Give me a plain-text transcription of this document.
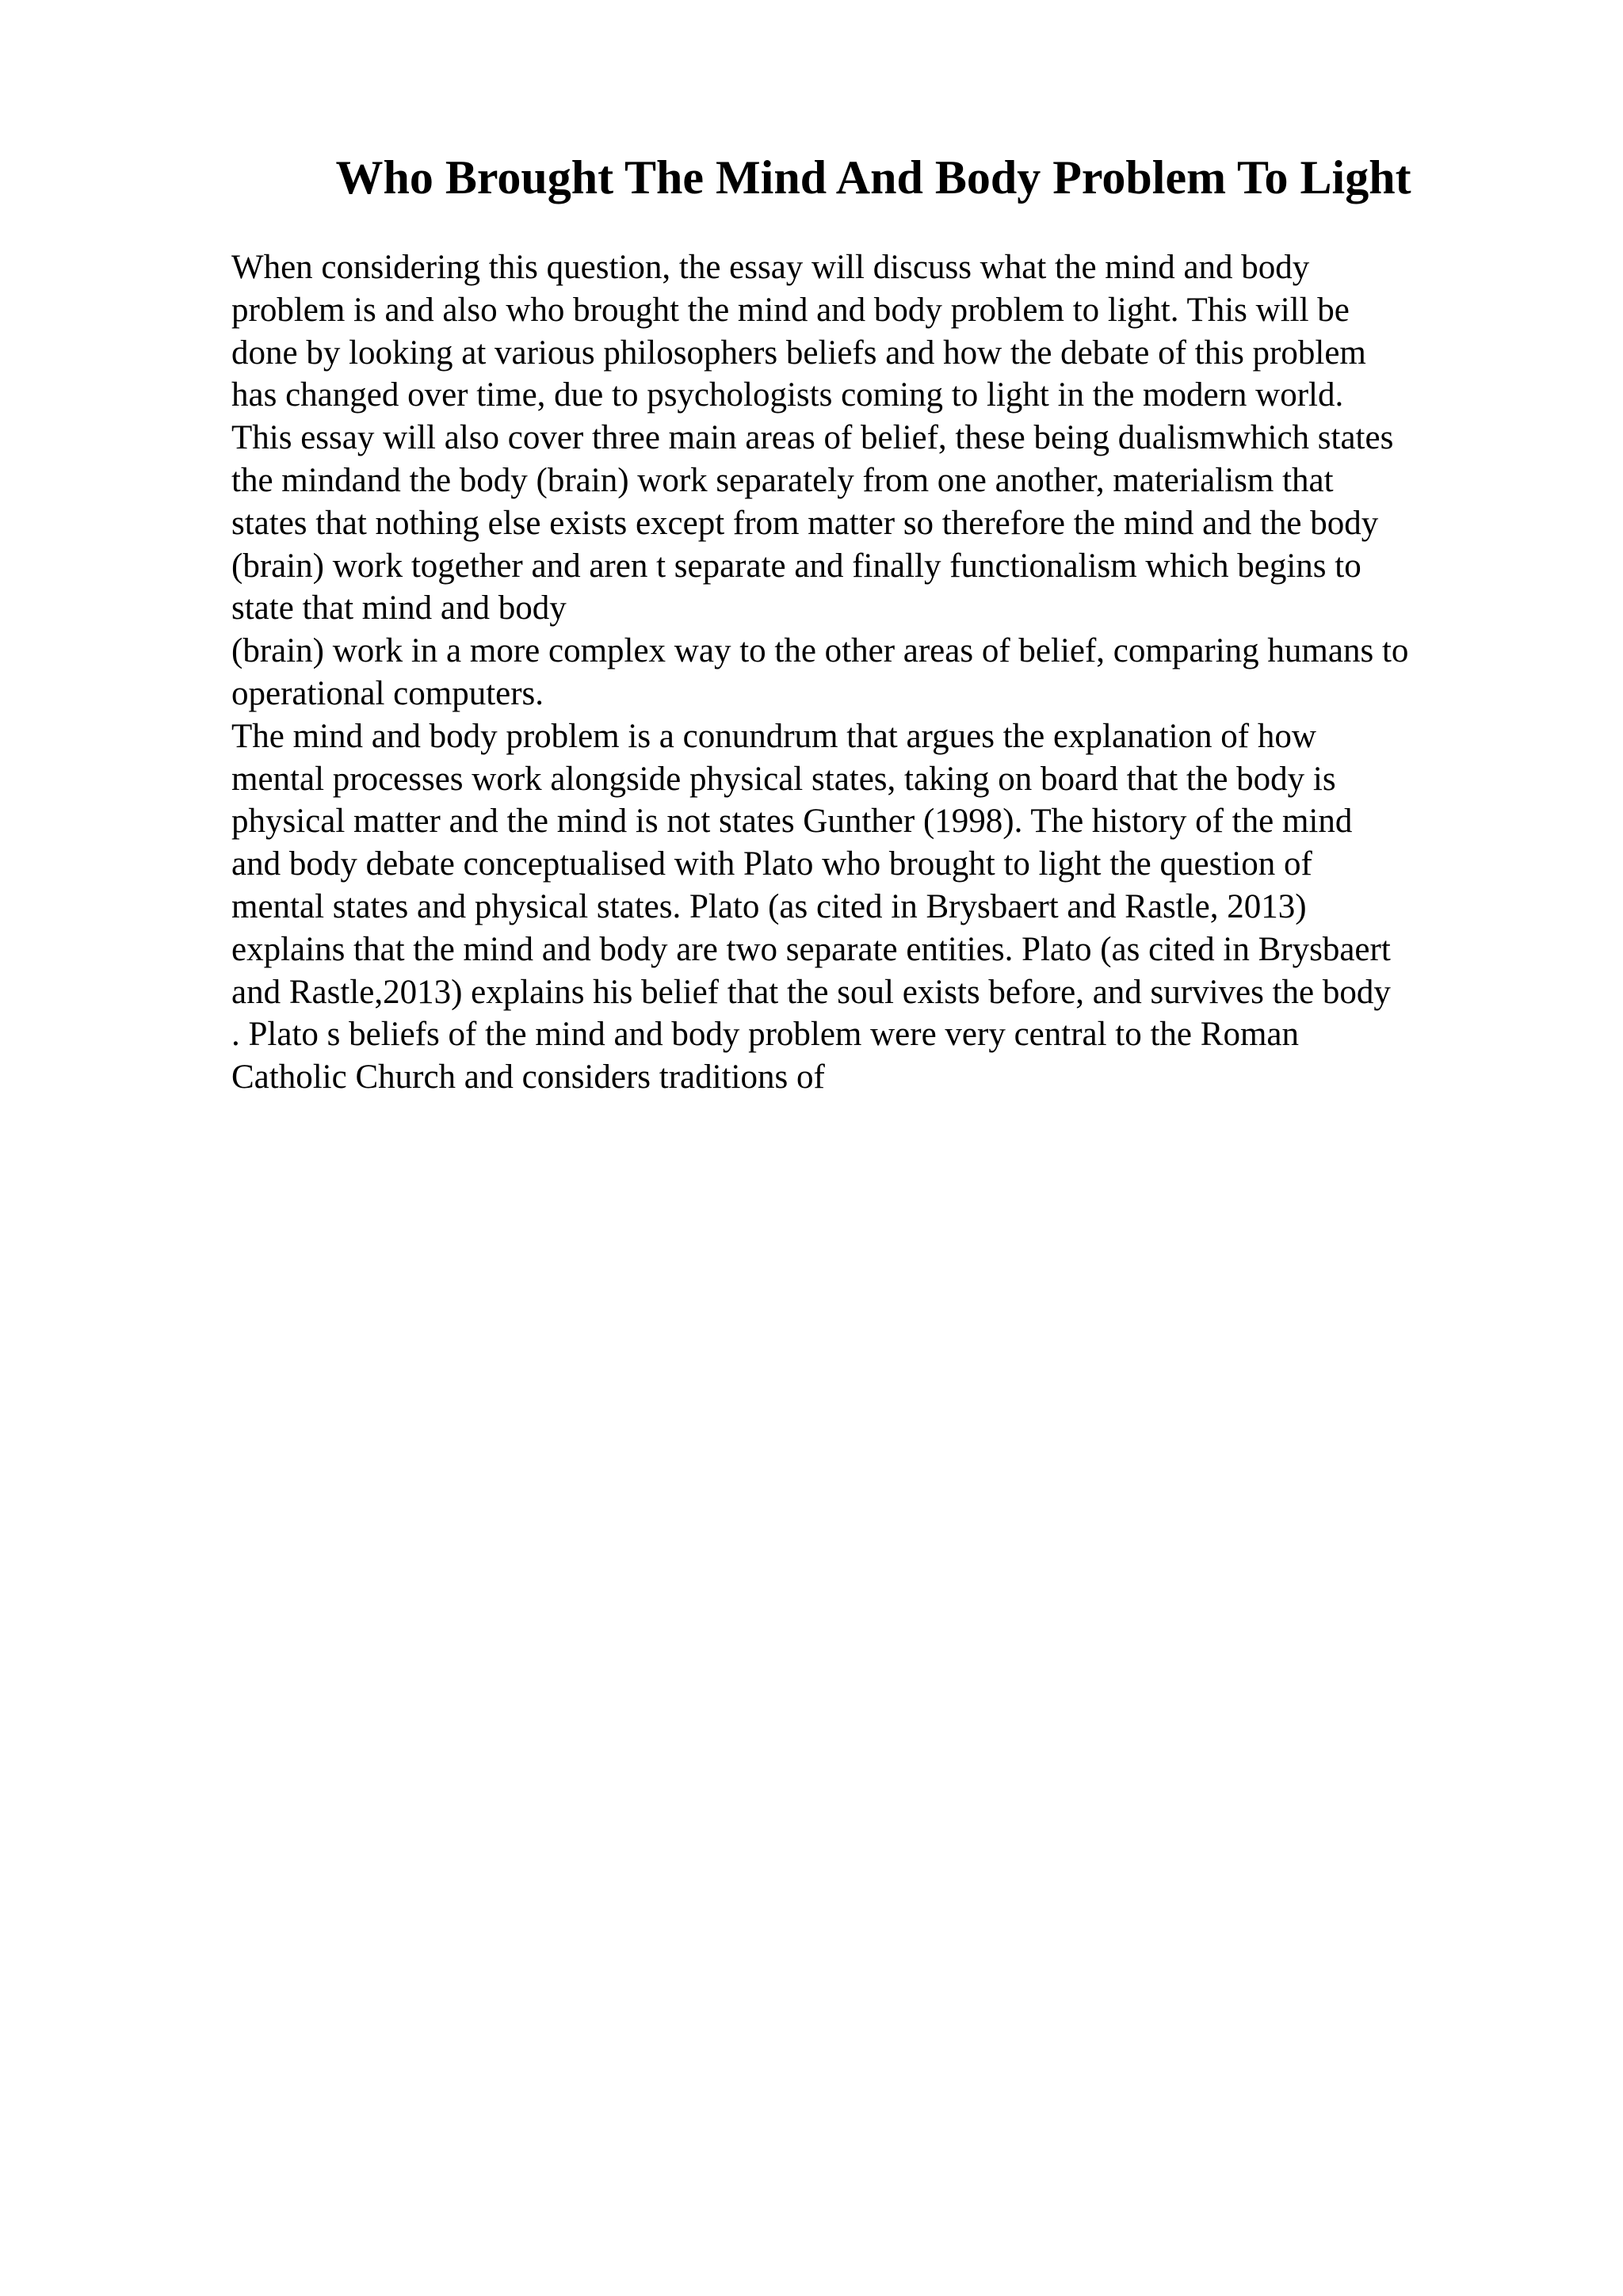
Who Brought The Mind And Body Problem To Light
When considering this question, the essay will discuss what the mind and body
problem is and also who brought the mind and body problem to light. This will be
done by looking at various philosophers beliefs and how the debate of this problem
has changed over time, due to psychologists coming to light in the modern world.
This essay will also cover three main areas of belief, these being dualismwhich states
the mindand the body (brain) work separately from one another, materialism that
states that nothing else exists except from matter so therefore the mind and the body
(brain) work together and aren t separate and finally functionalism which begins to
state that mind and body
(brain) work in a more complex way to the other areas of belief, comparing humans to
operational computers.
The mind and body problem is a conundrum that argues the explanation of how
mental processes work alongside physical states, taking on board that the body is
physical matter and the mind is not states Gunther (1998). The history of the mind
and body debate conceptualised with Plato who brought to light the question of
mental states and physical states. Plato (as cited in Brysbaert and Rastle, 2013)
explains that the mind and body are two separate entities. Plato (as cited in Brysbaert
and Rastle,2013) explains his belief that the soul exists before, and survives the body
. Plato s beliefs of the mind and body problem were very central to the Roman
Catholic Church and considers traditions of
